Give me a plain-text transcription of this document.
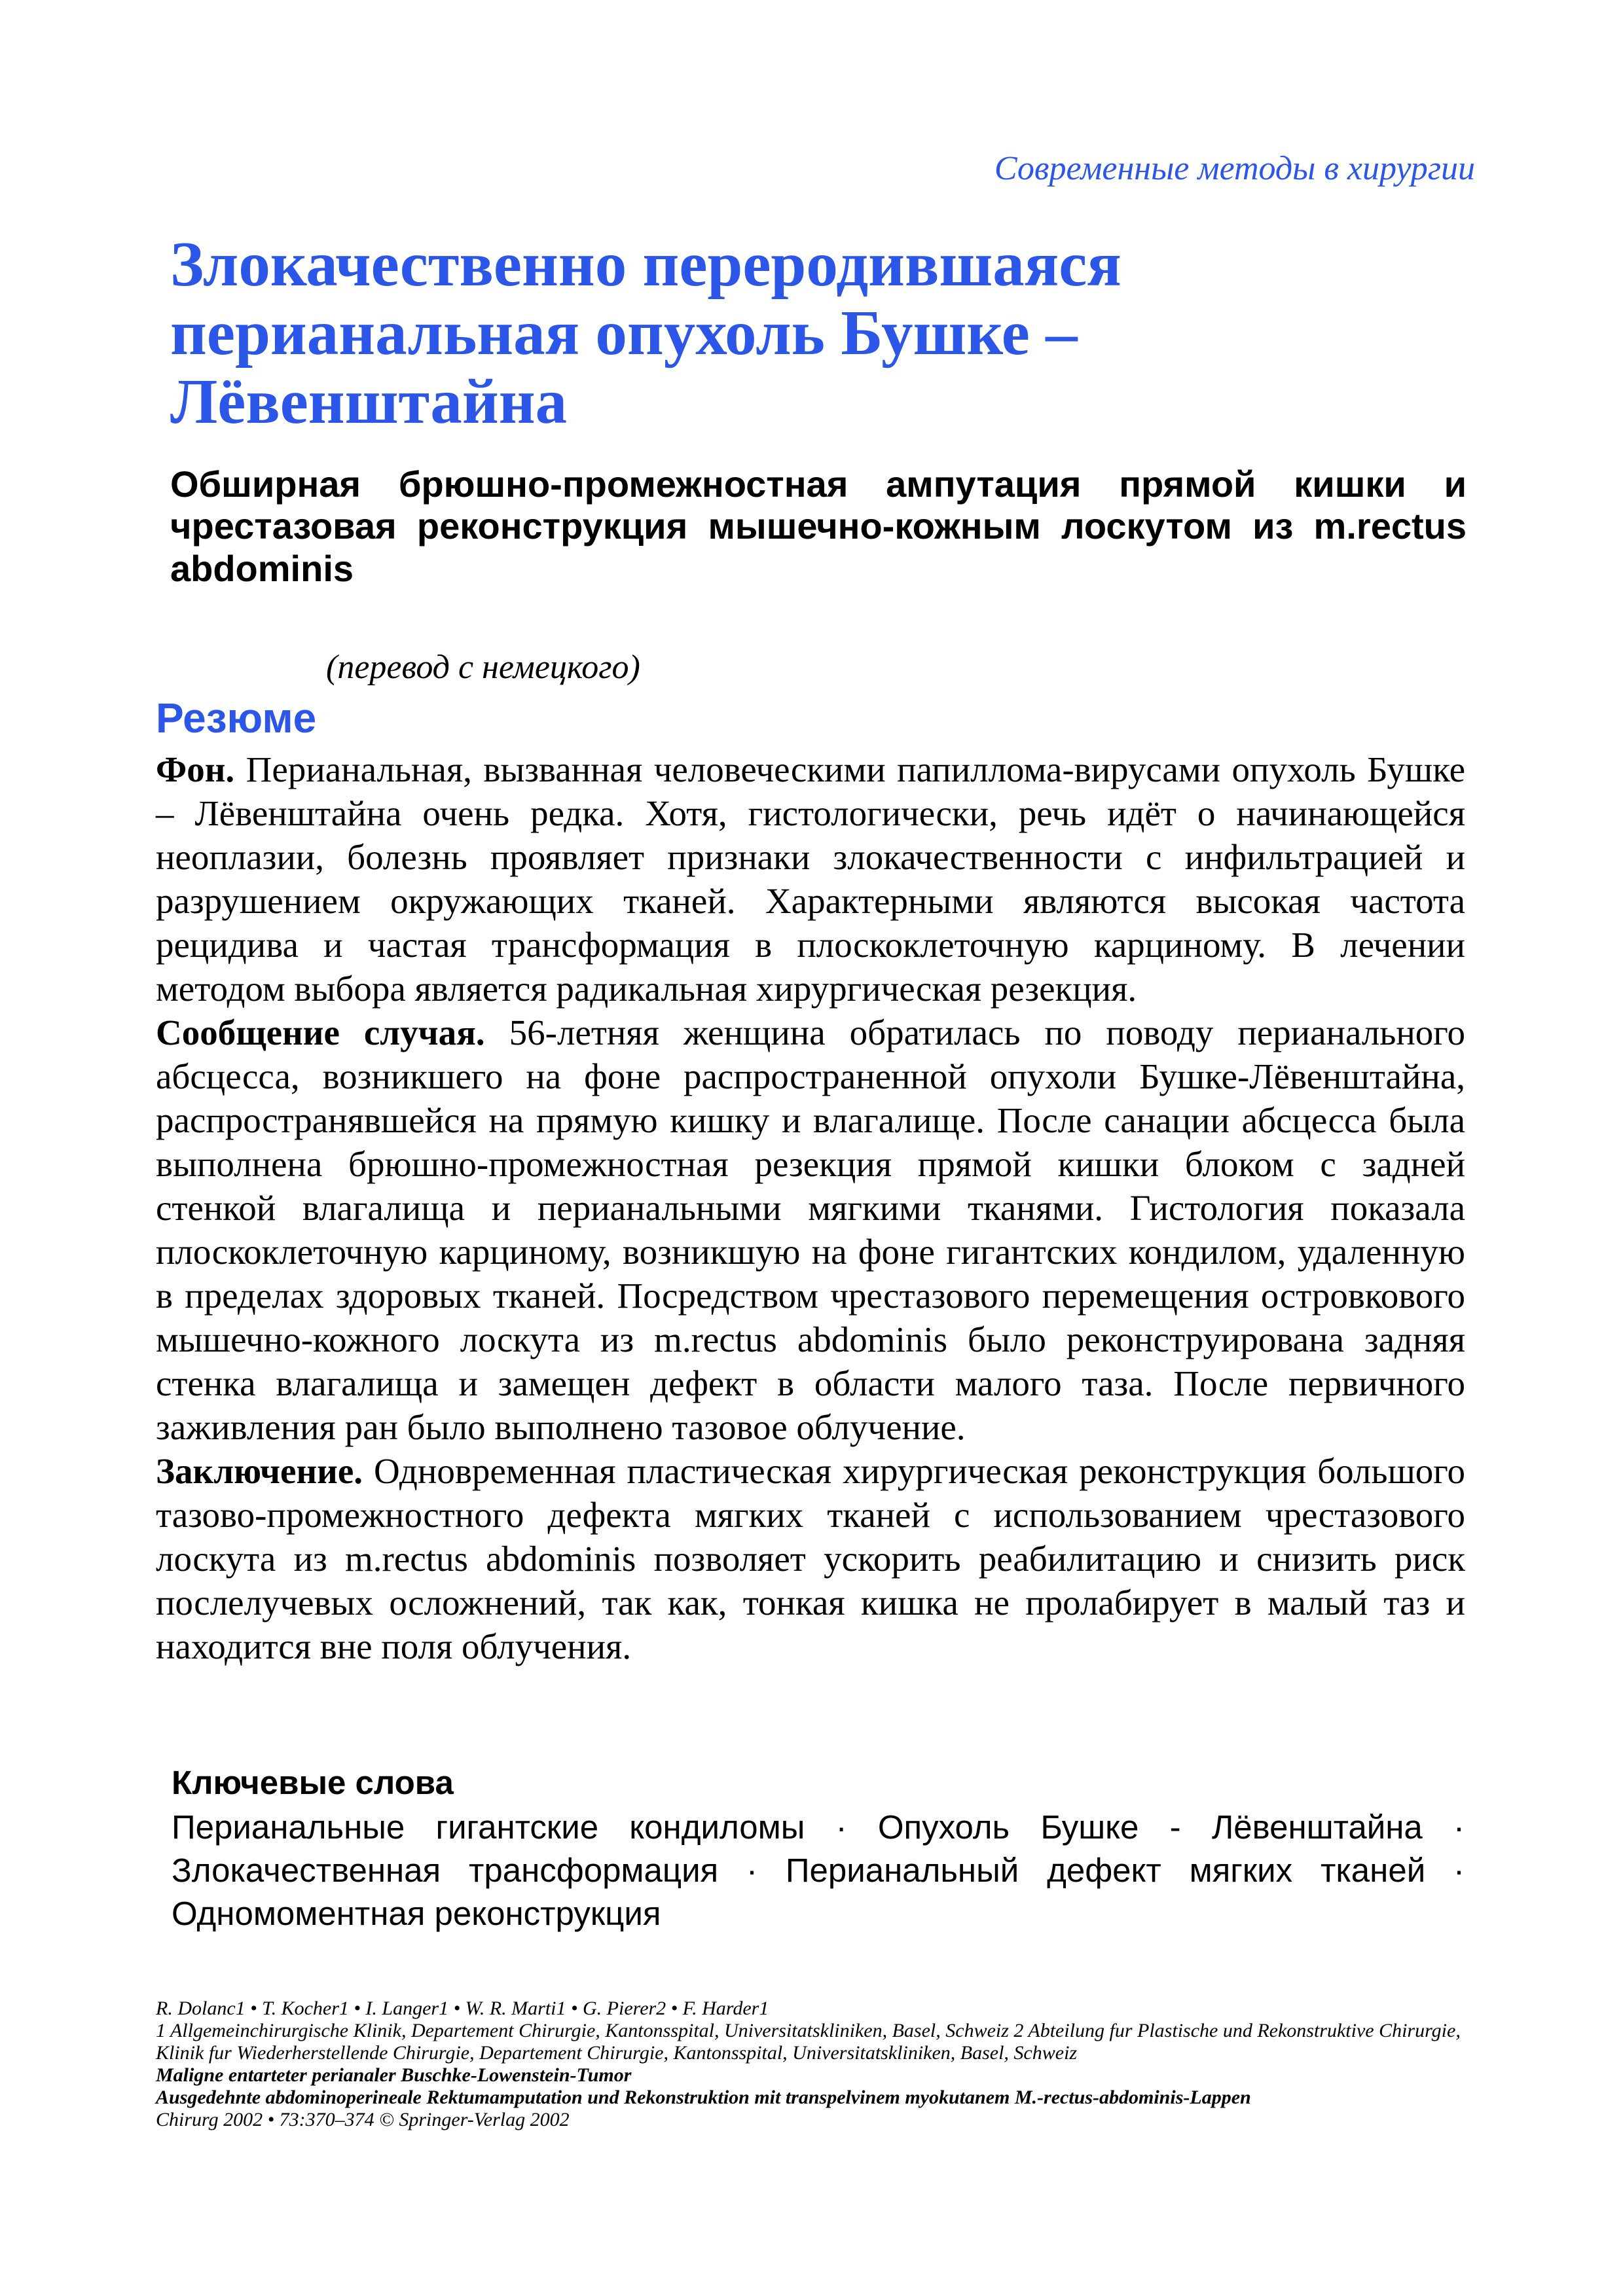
Современные методы в хирургии
Злокачественно переродившаяся перианальная опухоль Бушке – Лёвенштайна
Обширная брюшно-промежностная ампутация прямой кишки и чрестазовая реконструкция мышечно-кожным лоскутом из m.rectus abdominis
(перевод с немецкого)
Резюме

Фон. Перианальная, вызванная человеческими папиллома-вирусами опухоль Бушке – Лёвенштайна очень редка. Хотя, гистологически, речь идёт о начинающейся неоплазии, болезнь проявляет признаки злокачественности с инфильтрацией и разрушением окружающих тканей. Характерными являются высокая частота рецидива и частая трансформация в плоскоклеточную карциному. В лечении методом выбора является радикальная хирургическая резекция.

Сообщение случая. 56-летняя женщина обратилась по поводу перианального абсцесса, возникшего на фоне распространенной опухоли Бушке-Лёвенштайна, распространявшейся на прямую кишку и влагалище. После санации абсцесса была выполнена брюшно-промежностная резекция прямой кишки блоком с задней стенкой влагалища и перианальными мягкими тканями. Гистология показала плоскоклеточную карциному, возникшую на фоне гигантских кондилом, удаленную в пределах здоровых тканей. Посредством чрестазового перемещения островкового мышечно-кожного лоскута из m.rectus abdominis было реконструирована задняя стенка влагалища и замещен дефект в области малого таза. После первичного заживления ран было выполнено тазовое облучение.

Заключение. Одновременная пластическая хирургическая реконструкция большого тазово-промежностного дефекта мягких тканей с использованием чрестазового лоскута из m.rectus abdominis позволяет ускорить реабилитацию и снизить риск послелучевых осложнений, так как, тонкая кишка не пролабирует в малый таз и находится вне поля облучения.

Ключевые слова

Перианальные гигантские кондиломы · Опухоль Бушке - Лёвенштайна · Злокачественная трансформация · Перианальный дефект мягких тканей · Одномоментная реконструкция

R. Dolanc1 • T. Kocher1 • I. Langer1 • W. R. Marti1 • G. Pierer2 • F. Harder1

1 Allgemeinchirurgische Klinik, Departement Chirurgie, Kantonsspital, Universitatskliniken, Basel, Schweiz 2 Abteilung fur Plastische und Rekonstruktive Chirurgie, Klinik fur Wiederherstellende Chirurgie, Departement Chirurgie, Kantonsspital, Universitatskliniken, Basel, Schweiz

Maligne entarteter perianaler Buschke-Lowenstein-Tumor

Ausgedehnte abdominoperineale Rektumamputation und Rekonstruktion mit transpelvinem myokutanem M.-rectus-abdominis-Lappen

Chirurg 2002 • 73:370–374 © Springer-Verlag 2002
